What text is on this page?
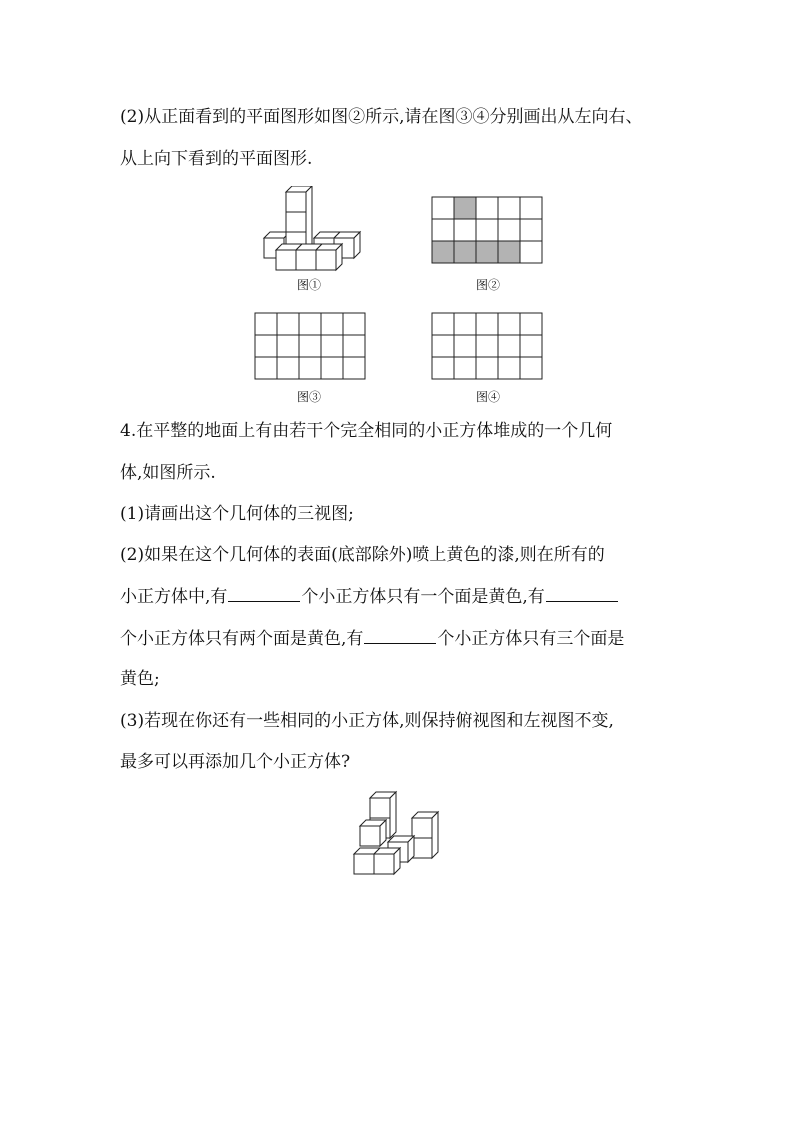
(2)从正面看到的平面图形如图②所示,请在图③④分别画出从左向右、
从上向下看到的平面图形.
图①	图②
图③	图④
4.在平整的地面上有由若干个完全相同的小正方体堆成的一个几何
体,如图所示.
(1)请画出这个几何体的三视图;
(2)如果在这个几何体的表面(底部除外)喷上黄色的漆,则在所有的
小正方体中,有	个小正方体只有一个面是黄色,有
个小正方体只有两个面是黄色,有	个小正方体只有三个面是
黄色;
(3)若现在你还有一些相同的小正方体,则保持俯视图和左视图不变,
最多可以再添加几个小正方体?
